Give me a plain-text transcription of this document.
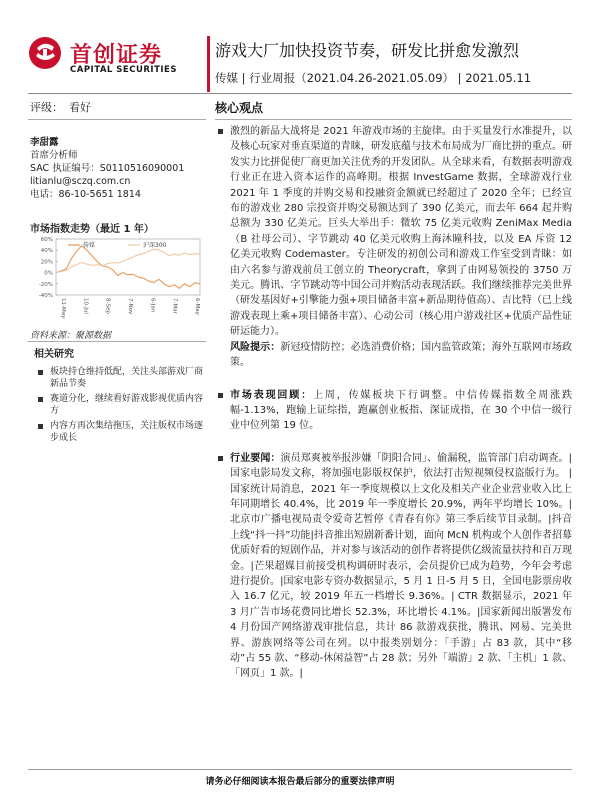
首创证券
CAPITAL SECURITIES
游戏大厂加快投资节奏，研发比拼愈发激烈
传媒 | 行业周报（2021.04.26-2021.05.09） | 2021.05.11
评级： 看好	核心观点
李甜露
首席分析师
SAC 执证编号：S0110516090001
litianlu@sczq.com.cn
电话：86-10-5651 1814
市场指数走势（最近 1 年）
-40%
-20%
0%
20%
40%
60%
11-May	10-Jul	8-Sep	7-Nov	6-Jan	7-Mar	6-May
传媒	沪深300
资料来源：聚源数据
相关研究
板块持仓维持低配，关注头部游戏厂商新品节奏
赛道分化，继续看好游戏影视优质内容方
内容方再次集结拖压，关注版权市场逐步成长
激烈的新品大战将是 2021 年游戏市场的主旋律。由于买量发行水准提升，以及核心玩家对垂直渠道的青睐，研发底蕴与技术布局成为厂商比拼的重点。研发实力比拼促使厂商更加关注优秀的开发团队。从全球来看，有数据表明游戏行业正在进入资本运作的高峰期。根据 InvestGame 数据，全球游戏行业 2021 年 1 季度的并购交易和投融资金额就已经超过了 2020 全年；已经宣布的游戏业 280 宗投资并购交易额达到了 390 亿美元，而去年 664 起并购总额为 330 亿美元。巨头大举出手：微软 75 亿美元收购 ZeniMax Media（B 社母公司）、字节跳动 40 亿美元收购上海沐瞳科技，以及 EA 斥资 12 亿美元收购 Codemaster。专注研发的初创公司和游戏工作室受到青睐：如由六名参与游戏前员工创立的 Theorycraft，拿到了由网易领投的 3750 万美元。腾讯、字节跳动等中国公司并购活动表现活跃。我们继续推荐完美世界（研发基因好+引擎能力强+项目储备丰富+新品期待值高）、吉比特（已上线游戏表现上乘+项目储备丰富）、心动公司（核心用户游戏社区+优质产品性证研运能力）。
风险提示：新冠疫情防控；必选消费价格；国内监管政策；海外互联网市场政策。
市场表现回顾：上周，传媒板块下行调整。中信传媒指数全周涨跌幅-1.13%，跑输上证综指，跑赢创业板指、深证成指，在 30 个中信一级行业中位列第 19 位。
行业要闻：演员郑爽被举报涉嫌「阴阳合同」、偷漏税，监管部门启动调查。|国家电影局发文称，将加强电影版权保护，依法打击短视频侵权盗版行为。 |国家统计局消息，2021 年一季度规模以上文化及相关产业企业营业收入比上年同期增长 40.4%，比 2019 年一季度增长 20.9%，两年平均增长 10%。|北京市广播电视局责令爱奇艺暂停《青春有你》第三季后续节目录制。|抖音上线“抖一抖”功能|抖音推出短剧新番计划，面向 McN 机构或个人创作者招募优质好看的短剧作品，并对参与该活动的创作者将提供亿级流量扶持和百万现金。|芒果超媒目前接受机构调研时表示，会员提价已成为趋势，今年会考虑进行提价。|国家电影专资办数据显示，5 月 1 日-5 月 5 日，全国电影票房收入 16.7 亿元，较 2019 年五一档增长 9.36%。| CTR 数据显示，2021 年 3 月广告市场花费同比增长 52.3%，环比增长 4.1%。|国家新闻出版署发布 4 月份国产网络游戏审批信息，共计 86 款游戏获批，腾讯、网易、完美世界、游族网络等公司在列。以中报类别划分：「手游」占 83 款，其中“移动”占 55 款、“移动-休闲益智”占 28 款；另外「端游」2 款、「主机」1 款、「网页」1 款。|
请务必仔细阅读本报告最后部分的重要法律声明
